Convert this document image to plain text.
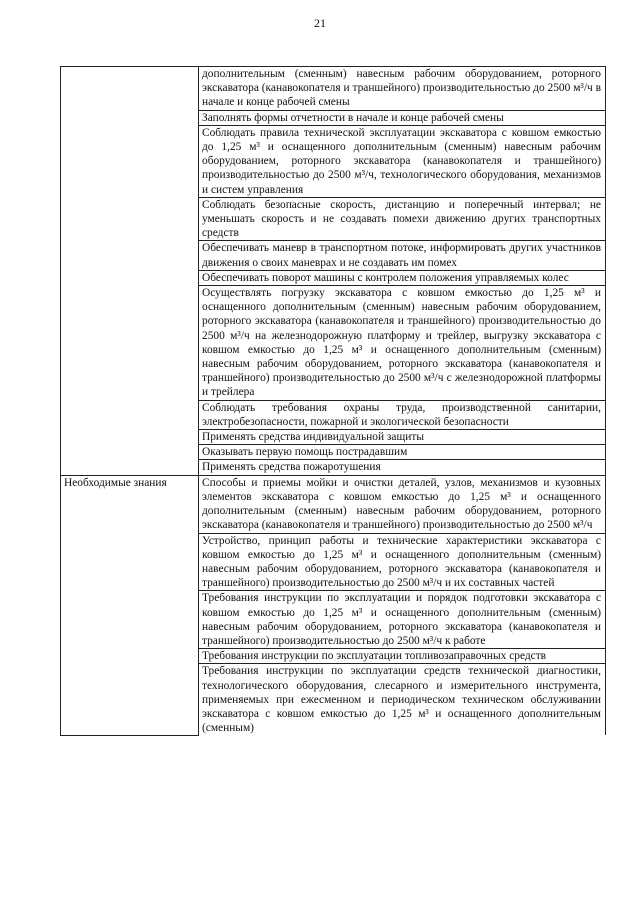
21

	дополнительным (сменным) навесным рабочим оборудованием, роторного экскаватора (канавокопателя и траншейного) производительностью до 2500 м³/ч в начале и конце рабочей смены

	Заполнять формы отчетности в начале и конце рабочей смены

	Соблюдать правила технической эксплуатации экскаватора с ковшом емкостью до 1,25 м³ и оснащенного дополнительным (сменным) навесным рабочим оборудованием, роторного экскаватора (канавокопателя и траншейного) производительностью до 2500 м³/ч, технологического оборудования, механизмов и систем управления

	Соблюдать безопасные скорость, дистанцию и поперечный интервал; не уменьшать скорость и не создавать помехи движению других транспортных средств

	Обеспечивать маневр в транспортном потоке, информировать других участников движения о своих маневрах и не создавать им помех

	Обеспечивать поворот машины с контролем положения управляемых колес

	Осуществлять погрузку экскаватора с ковшом емкостью до 1,25 м³ и оснащенного дополнительным (сменным) навесным рабочим оборудованием, роторного экскаватора (канавокопателя и траншейного) производительностью до 2500 м³/ч на железнодорожную платформу и трейлер, выгрузку экскаватора с ковшом емкостью до 1,25 м³ и оснащенного дополнительным (сменным) навесным рабочим оборудованием, роторного экскаватора (канавокопателя и траншейного) производительностью до 2500 м³/ч с железнодорожной платформы и трейлера

	Соблюдать требования охраны труда, производственной санитарии, электробезопасности, пожарной и экологической безопасности

	Применять средства индивидуальной защиты

	Оказывать первую помощь пострадавшим

	Применять средства пожаротушения

Необходимые знания	Способы и приемы мойки и очистки деталей, узлов, механизмов и кузовных элементов экскаватора с ковшом емкостью до 1,25 м³ и оснащенного дополнительным (сменным) навесным рабочим оборудованием, роторного экскаватора (канавокопателя и траншейного) производительностью до 2500 м³/ч

	Устройство, принцип работы и технические характеристики экскаватора с ковшом емкостью до 1,25 м³ и оснащенного дополнительным (сменным) навесным рабочим оборудованием, роторного экскаватора (канавокопателя и траншейного) производительностью до 2500 м³/ч и их составных частей

	Требования инструкции по эксплуатации и порядок подготовки экскаватора с ковшом емкостью до 1,25 м³ и оснащенного дополнительным (сменным) навесным рабочим оборудованием, роторного экскаватора (канавокопателя и траншейного) производительностью до 2500 м³/ч к работе

	Требования инструкции по эксплуатации топливозаправочных средств

	Требования инструкции по эксплуатации средств технической диагностики, технологического оборудования, слесарного и измерительного инструмента, применяемых при ежесменном и периодическом техническом обслуживании экскаватора с ковшом емкостью до 1,25 м³ и оснащенного дополнительным (сменным)
